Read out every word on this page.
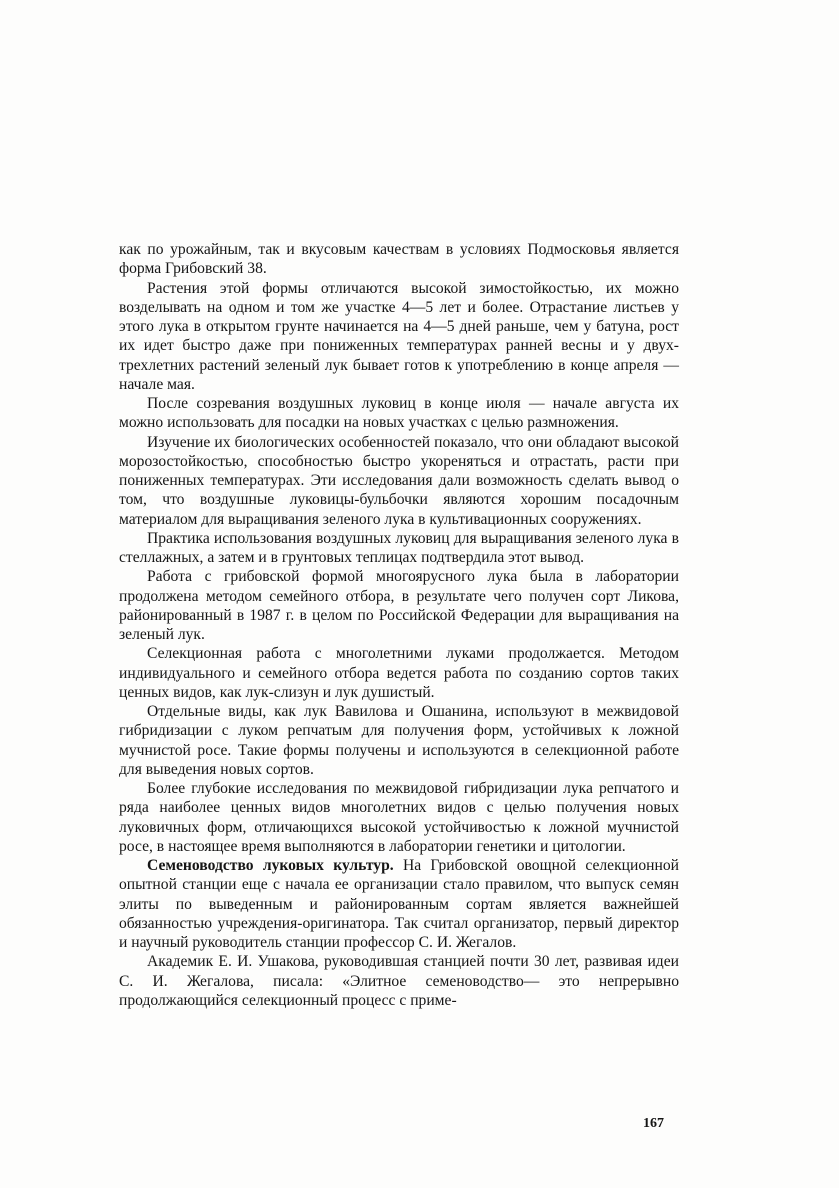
как по урожайным, так и вкусовым качествам в условиях Подмосковья является форма Грибовский 38.

Растения этой формы отличаются высокой зимостойкостью, их можно возделывать на одном и том же участке 4—5 лет и более. Отрастание листьев у этого лука в открытом грунте начинается на 4—5 дней раньше, чем у батуна, рост их идет быстро даже при пониженных температурах ранней весны и у двух-трехлетних растений зеленый лук бывает готов к употреблению в конце апреля — начале мая.

После созревания воздушных луковиц в конце июля — начале августа их можно использовать для посадки на новых участках с целью размножения.

Изучение их биологических особенностей показало, что они обладают высокой морозостойкостью, способностью быстро укореняться и отрастать, расти при пониженных температурах. Эти исследования дали возможность сделать вывод о том, что воздушные луковицы-бульбочки являются хорошим посадочным материалом для выращивания зеленого лука в культивационных сооружениях.

Практика использования воздушных луковиц для выращивания зеленого лука в стеллажных, а затем и в грунтовых теплицах подтвердила этот вывод.

Работа с грибовской формой многоярусного лука была в лаборатории продолжена методом семейного отбора, в результате чего получен сорт Ликова, районированный в 1987 г. в целом по Российской Федерации для выращивания на зеленый лук.

Селекционная работа с многолетними луками продолжается. Методом индивидуального и семейного отбора ведется работа по созданию сортов таких ценных видов, как лук-слизун и лук душистый.

Отдельные виды, как лук Вавилова и Ошанина, используют в межвидовой гибридизации с луком репчатым для получения форм, устойчивых к ложной мучнистой росе. Такие формы получены и используются в селекционной работе для выведения новых сортов.

Более глубокие исследования по межвидовой гибридизации лука репчатого и ряда наиболее ценных видов многолетних видов с целью получения новых луковичных форм, отличающихся высокой устойчивостью к ложной мучнистой росе, в настоящее время выполняются в лаборатории генетики и цитологии.

Семеноводство луковых культур. На Грибовской овощной селекционной опытной станции еще с начала ее организации стало правилом, что выпуск семян элиты по выведенным и районированным сортам является важнейшей обязанностью учреждения-оригинатора. Так считал организатор, первый директор и научный руководитель станции профессор С. И. Жегалов.

Академик Е. И. Ушакова, руководившая станцией почти 30 лет, развивая идеи С. И. Жегалова, писала: «Элитное семеноводство— это непрерывно продолжающийся селекционный процесс с приме-

167
